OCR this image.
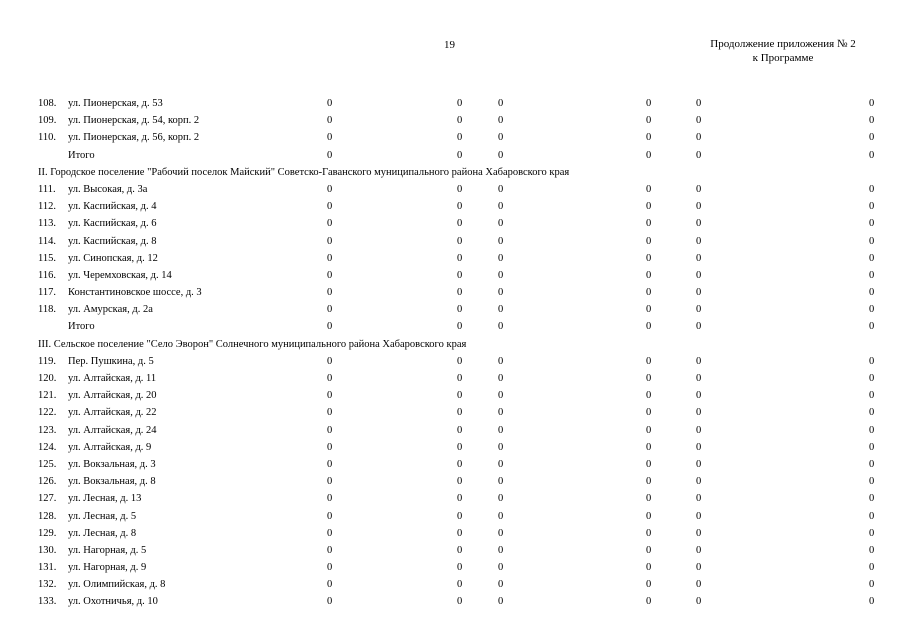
19	Продолжение приложения № 2
к Программе
108. ул. Пионерская, д. 53	0	0	0	0	0	0
109. ул. Пионерская, д. 54, корп. 2	0	0	0	0	0	0
110. ул. Пионерская, д. 56, корп. 2	0	0	0	0	0	0
Итого	0	0	0	0	0	0
II. Городское поселение "Рабочий поселок Майский" Советско-Гаванского муниципального района Хабаровского края
111. ул. Высокая, д. 3а	0	0	0	0	0	0
112. ул. Каспийская, д. 4	0	0	0	0	0	0
113. ул. Каспийская, д. 6	0	0	0	0	0	0
114. ул. Каспийская, д. 8	0	0	0	0	0	0
115. ул. Синопская, д. 12	0	0	0	0	0	0
116. ул. Черемховская, д. 14	0	0	0	0	0	0
117. Константиновское шоссе, д. 3	0	0	0	0	0	0
118. ул. Амурская, д. 2а	0	0	0	0	0	0
Итого	0	0	0	0	0	0
III. Сельское поселение "Село Эворон" Солнечного муниципального района Хабаровского края
119. Пер. Пушкина, д. 5	0	0	0	0	0	0
120. ул. Алтайская, д. 11	0	0	0	0	0	0
121. ул. Алтайская, д. 20	0	0	0	0	0	0
122. ул. Алтайская, д. 22	0	0	0	0	0	0
123. ул. Алтайская, д. 24	0	0	0	0	0	0
124. ул. Алтайская, д. 9	0	0	0	0	0	0
125. ул. Вокзальная, д. 3	0	0	0	0	0	0
126. ул. Вокзальная, д. 8	0	0	0	0	0	0
127. ул. Лесная, д. 13	0	0	0	0	0	0
128. ул. Лесная, д. 5	0	0	0	0	0	0
129. ул. Лесная, д. 8	0	0	0	0	0	0
130. ул. Нагорная, д. 5	0	0	0	0	0	0
131. ул. Нагорная, д. 9	0	0	0	0	0	0
132. ул. Олимпийская, д. 8	0	0	0	0	0	0
133. ул. Охотничья, д. 10	0	0	0	0	0	0
